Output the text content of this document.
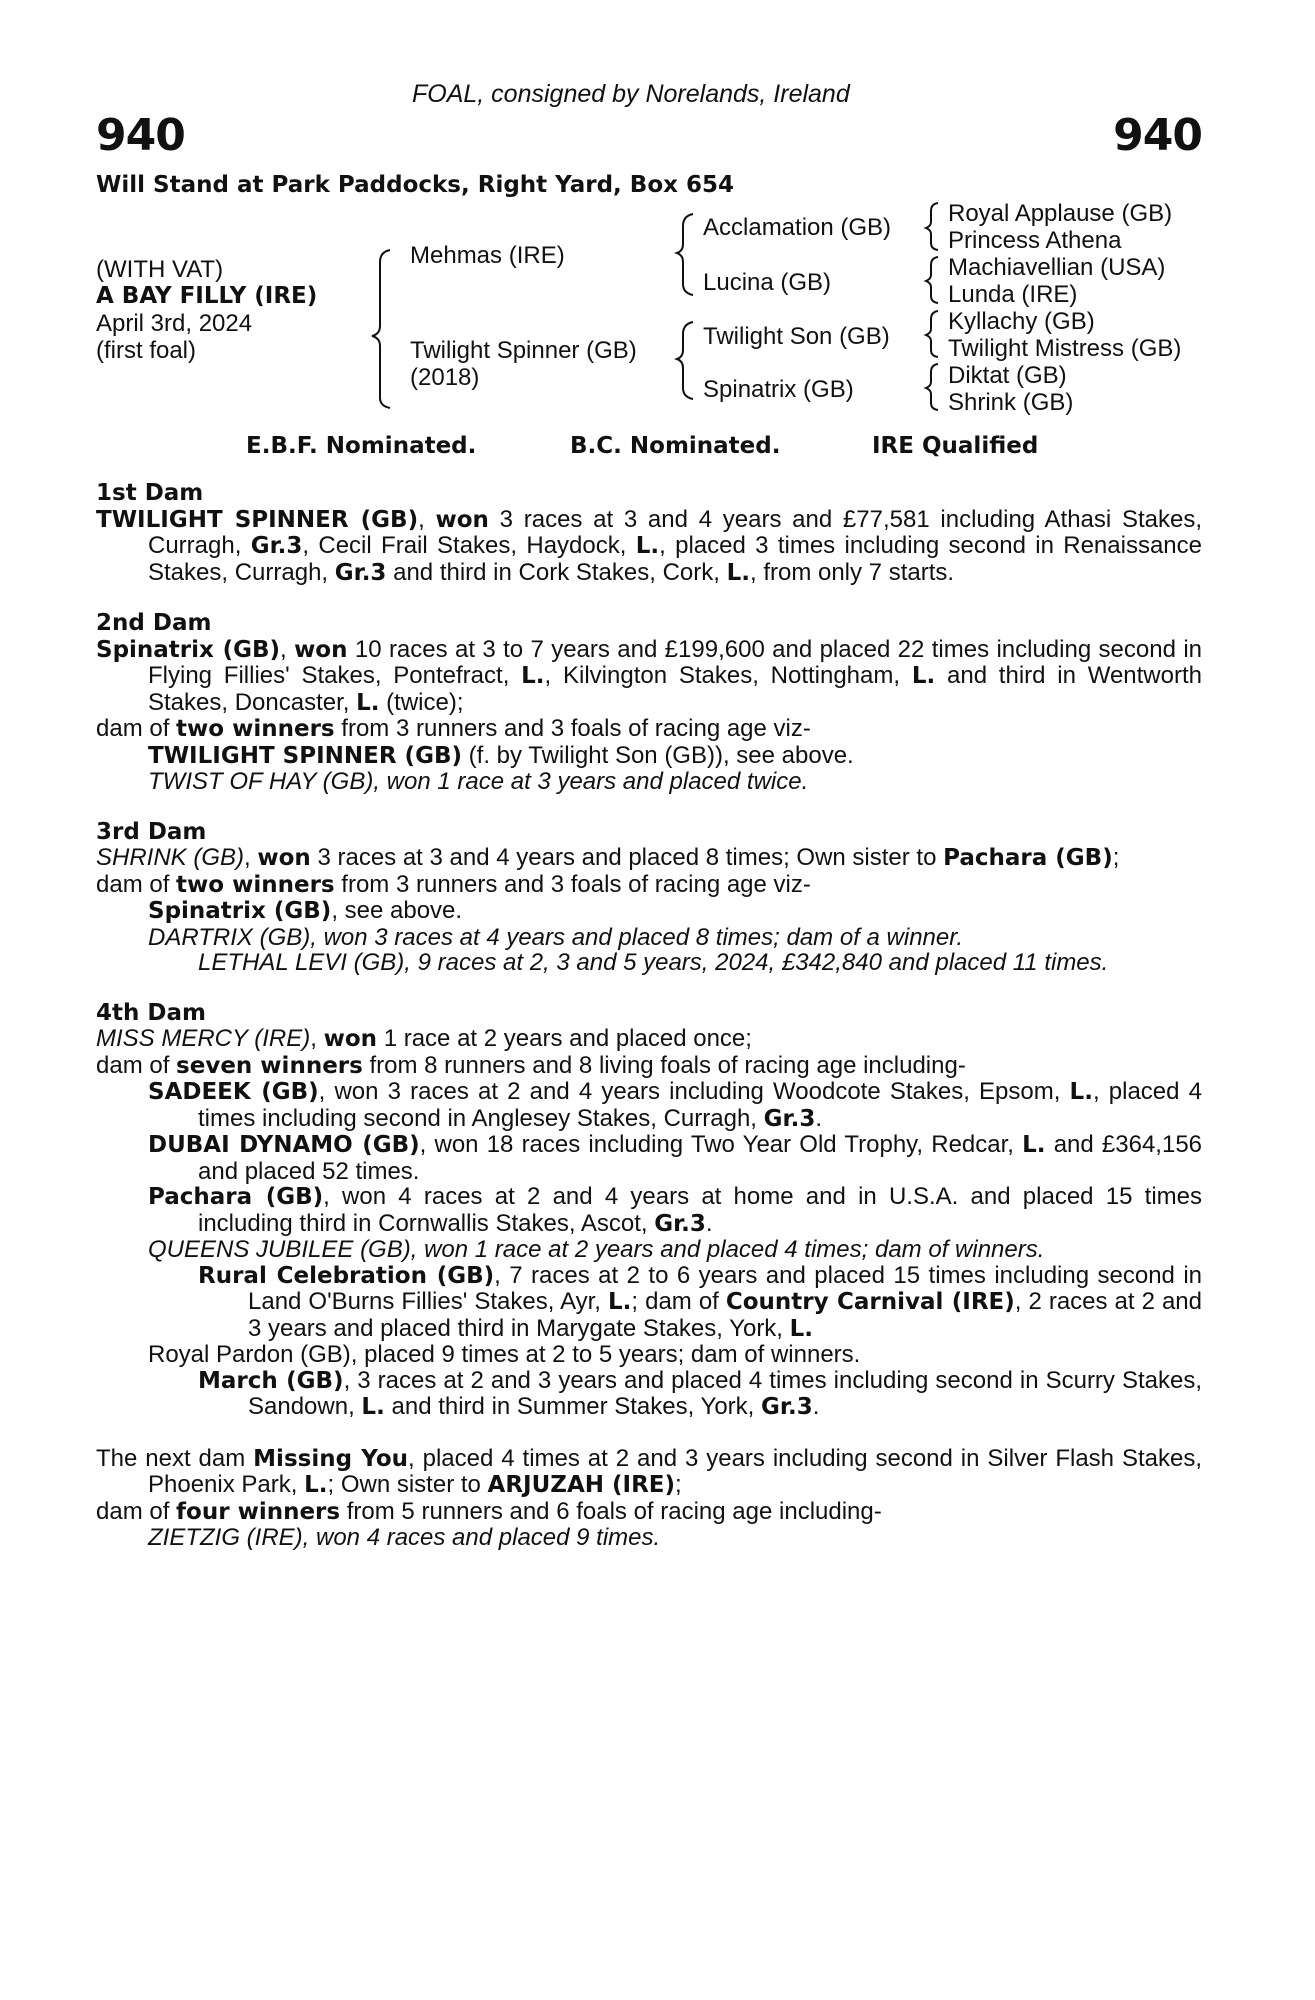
FOAL, consigned by Norelands, Ireland
940	940
Will Stand at Park Paddocks, Right Yard, Box 654
(WITH VAT)
A BAY FILLY (IRE)
April 3rd, 2024
(first foal)
Mehmas (IRE)
Twilight Spinner (GB)
(2018)
Acclamation (GB)
Lucina (GB)
Twilight Son (GB)
Spinatrix (GB)
Royal Applause (GB)
Princess Athena
Machiavellian (USA)
Lunda (IRE)
Kyllachy (GB)
Twilight Mistress (GB)
Diktat (GB)
Shrink (GB)
E.B.F. Nominated.	B.C. Nominated.	IRE Qualified

1st Dam

TWILIGHT SPINNER (GB), won 3 races at 3 and 4 years and £77,581 including Athasi Stakes, Curragh, Gr.3, Cecil Frail Stakes, Haydock, L., placed 3 times including second in Renaissance Stakes, Curragh, Gr.3 and third in Cork Stakes, Cork, L., from only 7 starts.

2nd Dam

Spinatrix (GB), won 10 races at 3 to 7 years and £199,600 and placed 22 times including second in Flying Fillies' Stakes, Pontefract, L., Kilvington Stakes, Nottingham, L. and third in Wentworth Stakes, Doncaster, L. (twice);

dam of two winners from 3 runners and 3 foals of racing age viz-

TWILIGHT SPINNER (GB) (f. by Twilight Son (GB)), see above.

TWIST OF HAY (GB), won 1 race at 3 years and placed twice.

3rd Dam

SHRINK (GB), won 3 races at 3 and 4 years and placed 8 times; Own sister to Pachara (GB);

dam of two winners from 3 runners and 3 foals of racing age viz-

Spinatrix (GB), see above.

DARTRIX (GB), won 3 races at 4 years and placed 8 times; dam of a winner.

LETHAL LEVI (GB), 9 races at 2, 3 and 5 years, 2024, £342,840 and placed 11 times.

4th Dam

MISS MERCY (IRE), won 1 race at 2 years and placed once;

dam of seven winners from 8 runners and 8 living foals of racing age including-

SADEEK (GB), won 3 races at 2 and 4 years including Woodcote Stakes, Epsom, L., placed 4 times including second in Anglesey Stakes, Curragh, Gr.3.

DUBAI DYNAMO (GB), won 18 races including Two Year Old Trophy, Redcar, L. and £364,156 and placed 52 times.

Pachara (GB), won 4 races at 2 and 4 years at home and in U.S.A. and placed 15 times including third in Cornwallis Stakes, Ascot, Gr.3.

QUEENS JUBILEE (GB), won 1 race at 2 years and placed 4 times; dam of winners.

Rural Celebration (GB), 7 races at 2 to 6 years and placed 15 times including second in Land O'Burns Fillies' Stakes, Ayr, L.; dam of Country Carnival (IRE), 2 races at 2 and 3 years and placed third in Marygate Stakes, York, L.

Royal Pardon (GB), placed 9 times at 2 to 5 years; dam of winners.

March (GB), 3 races at 2 and 3 years and placed 4 times including second in Scurry Stakes, Sandown, L. and third in Summer Stakes, York, Gr.3.

The next dam Missing You, placed 4 times at 2 and 3 years including second in Silver Flash Stakes, Phoenix Park, L.; Own sister to ARJUZAH (IRE);

dam of four winners from 5 runners and 6 foals of racing age including-

ZIETZIG (IRE), won 4 races and placed 9 times.
